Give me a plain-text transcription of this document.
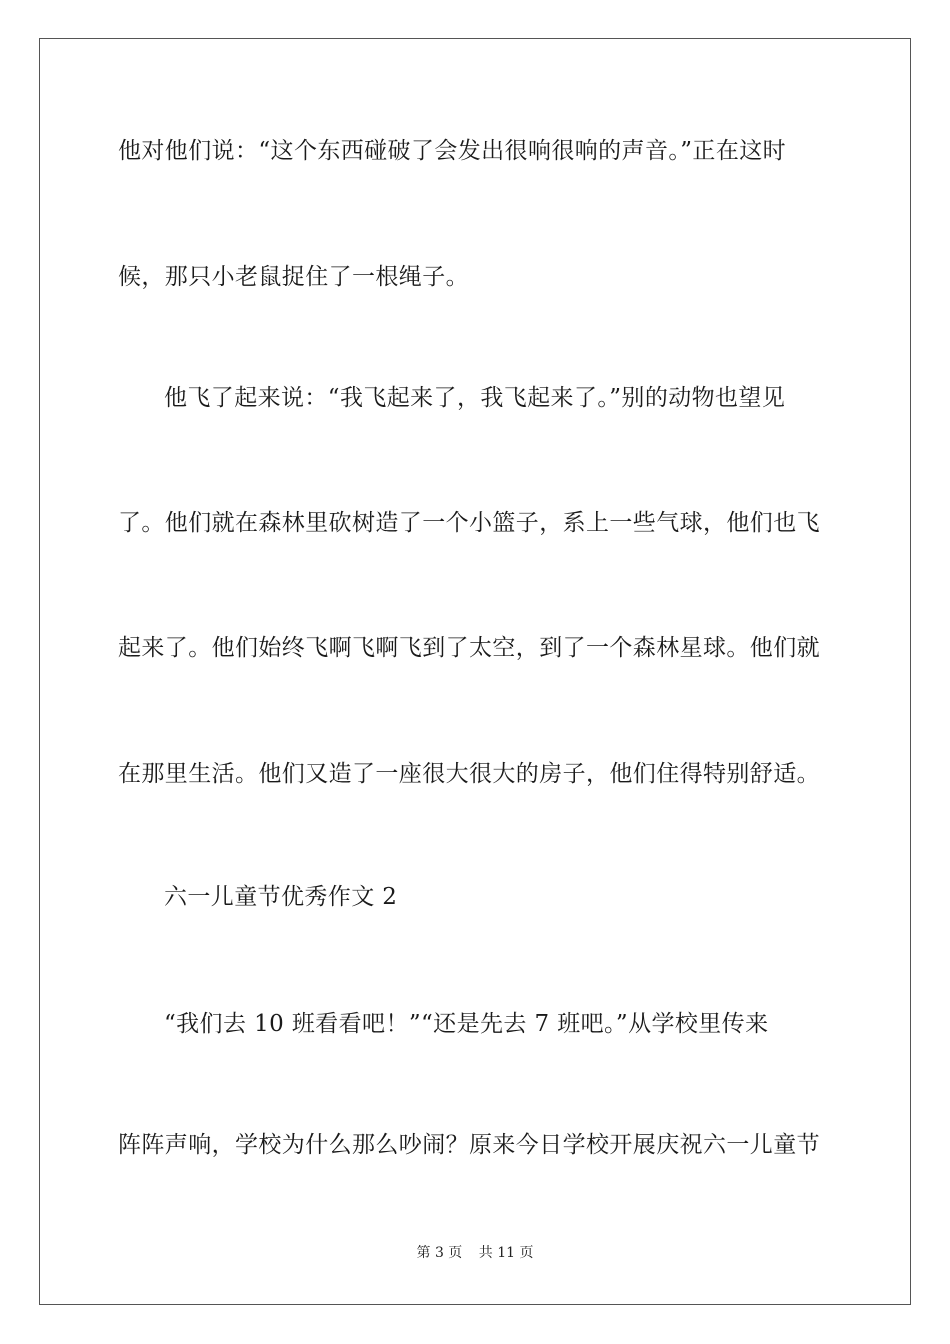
他对他们说：“这个东西碰破了会发出很响很响的声音。”正在这时
候，那只小老鼠捉住了一根绳子。
他飞了起来说：“我飞起来了，我飞起来了。”别的动物也望见
了。他们就在森林里砍树造了一个小篮子，系上一些气球，他们也飞
起来了。他们始终飞啊飞啊飞到了太空，到了一个森林星球。他们就
在那里生活。他们又造了一座很大很大的房子，他们住得特别舒适。
六一儿童节优秀作文 2
“我们去 10 班看看吧！”“还是先去 7 班吧。”从学校里传来
阵阵声响，学校为什么那么吵闹？原来今日学校开展庆祝六一儿童节
第 3 页 共 11 页
